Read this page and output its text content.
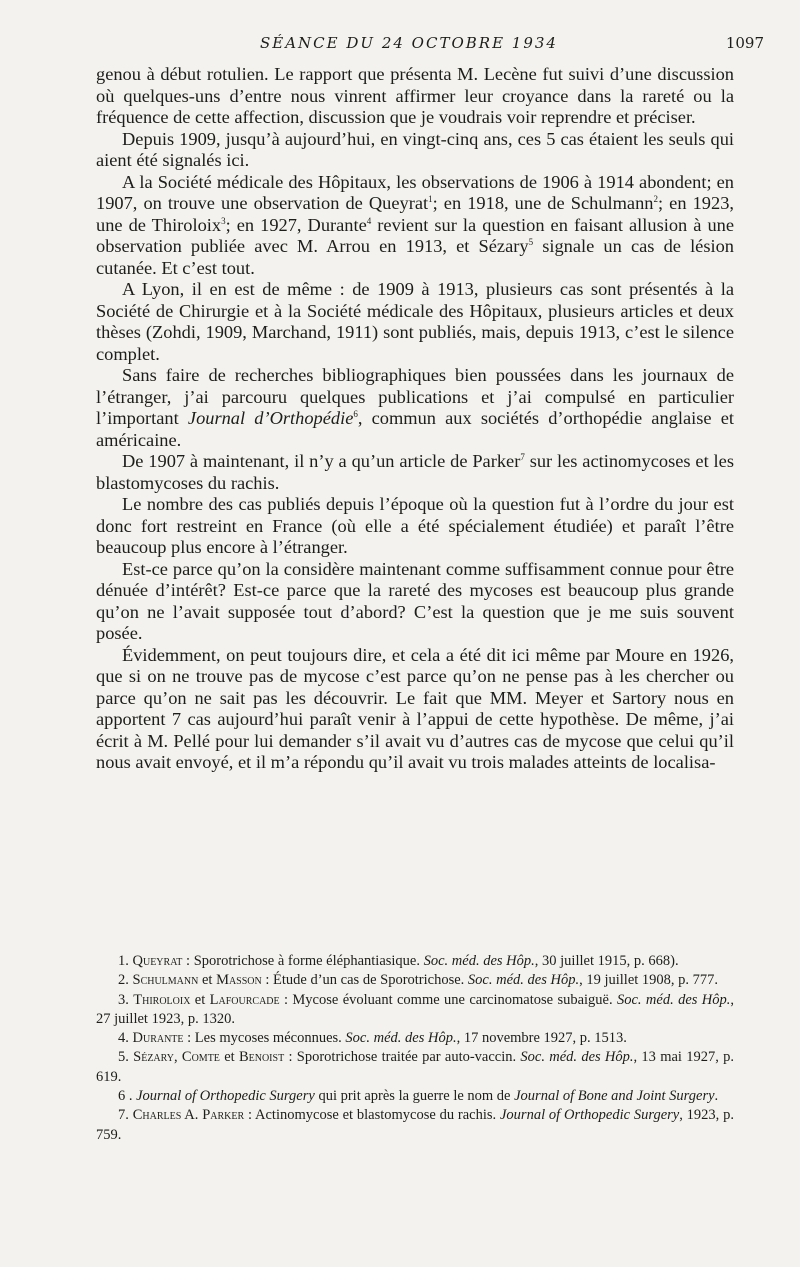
SÉANCE DU 24 OCTOBRE 1934	1097

genou à début rotulien. Le rapport que présenta M. Lecène fut suivi d’une discussion où quelques-uns d’entre nous vinrent affirmer leur croyance dans la rareté ou la fréquence de cette affection, discussion que je voudrais voir reprendre et préciser.

Depuis 1909, jusqu’à aujourd’hui, en vingt-cinq ans, ces 5 cas étaient les seuls qui aient été signalés ici.

A la Société médicale des Hôpitaux, les observations de 1906 à 1914 abondent; en 1907, on trouve une observation de Queyrat$^1$; en 1918, une de Schulmann$^2$; en 1923, une de Thiroloix$^3$; en 1927, Durante$^4$ revient sur la question en faisant allusion à une observation publiée avec M. Arrou en 1913, et Sézary$^5$ signale un cas de lésion cutanée. Et c’est tout.

A Lyon, il en est de même : de 1909 à 1913, plusieurs cas sont présentés à la Société de Chirurgie et à la Société médicale des Hôpitaux, plusieurs articles et deux thèses (Zohdi, 1909, Marchand, 1911) sont publiés, mais, depuis 1913, c’est le silence complet.

Sans faire de recherches bibliographiques bien poussées dans les journaux de l’étranger, j’ai parcouru quelques publications et j’ai compulsé en particulier l’important Journal d’Orthopédie$^6$, commun aux sociétés d’orthopédie anglaise et américaine.

De 1907 à maintenant, il n’y a qu’un article de Parker$^7$ sur les actinomycoses et les blastomycoses du rachis.

Le nombre des cas publiés depuis l’époque où la question fut à l’ordre du jour est donc fort restreint en France (où elle a été spécialement étudiée) et paraît l’être beaucoup plus encore à l’étranger.

Est-ce parce qu’on la considère maintenant comme suffisamment connue pour être dénuée d’intérêt? Est-ce parce que la rareté des mycoses est beaucoup plus grande qu’on ne l’avait supposée tout d’abord? C’est la question que je me suis souvent posée.

Évidemment, on peut toujours dire, et cela a été dit ici même par Moure en 1926, que si on ne trouve pas de mycose c’est parce qu’on ne pense pas à les chercher ou parce qu’on ne sait pas les découvrir. Le fait que MM. Meyer et Sartory nous en apportent 7 cas aujourd’hui paraît venir à l’appui de cette hypothèse. De même, j’ai écrit à M. Pellé pour lui demander s’il avait vu d’autres cas de mycose que celui qu’il nous avait envoyé, et il m’a répondu qu’il avait vu trois malades atteints de localisa-

1. Queyrat : Sporotrichose à forme éléphantiasique. Soc. méd. des Hôp., 30 juillet 1915, p. 668).

2. Schulmann et Masson : Étude d’un cas de Sporotrichose. Soc. méd. des Hôp., 19 juillet 1908, p. 777.

3. Thiroloix et Lafourcade : Mycose évoluant comme une carcinomatose subaiguë. Soc. méd. des Hôp., 27 juillet 1923, p. 1320.

4. Durante : Les mycoses méconnues. Soc. méd. des Hôp., 17 novembre 1927, p. 1513.

5. Sézary, Comte et Benoist : Sporotrichose traitée par auto-vaccin. Soc. méd. des Hôp., 13 mai 1927, p. 619.

6 . Journal of Orthopedic Surgery qui prit après la guerre le nom de Journal of Bone and Joint Surgery.

7. Charles A. Parker : Actinomycose et blastomycose du rachis. Journal of Orthopedic Surgery, 1923, p. 759.
